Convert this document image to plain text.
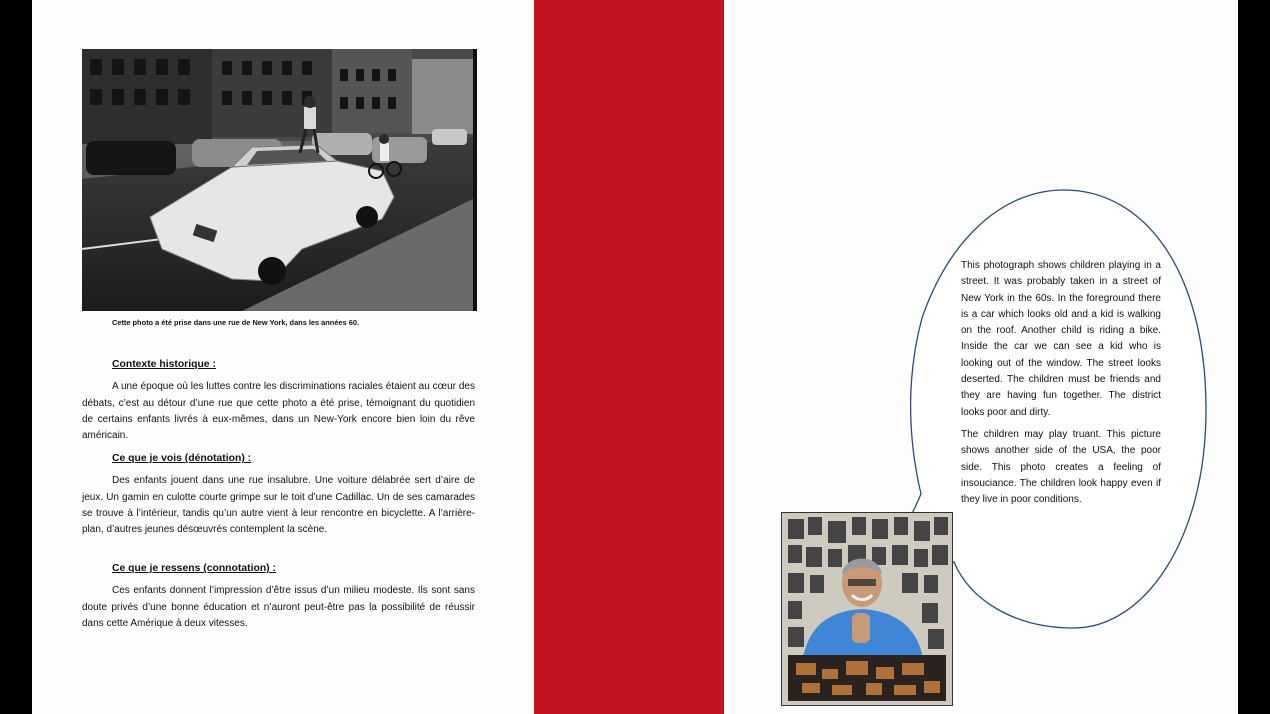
Cette photo a été prise dans une rue de New York, dans les années 60.
Contexte historique :

A une époque où les luttes contre les discriminations raciales étaient au cœur des débats, c’est au détour d’une rue que cette photo a été prise, témoignant du quotidien de certains enfants livrés à eux-mêmes, dans un New-York encore bien loin du rêve américain.

Ce que je vois (dénotation) :

Des enfants jouent dans une rue insalubre. Une voiture délabrée sert d’aire de jeux. Un gamin en culotte courte grimpe sur le toit d’une Cadillac. Un de ses camarades se trouve à l’intérieur, tandis qu’un autre vient à leur rencontre en bicyclette. A l’arrière-plan, d’autres jeunes désœuvrés contemplent la scène.

Ce que je ressens (connotation) :

Ces enfants donnent l’impression d’être issus d’un milieu modeste. Ils sont sans doute privés d’une bonne éducation et n’auront peut-être pas la possibilité de réussir dans cette Amérique à deux vitesses.

This photograph shows children playing in a street. It was probably taken in a street of New York in the 60s. In the foreground there is a car which looks old and a kid is walking on the roof. Another child is riding a bike. Inside the car we can see a kid who is looking out of the window. The street looks deserted. The children must be friends and they are having fun together. The district looks poor and dirty.

The children may play truant. This picture shows another side of the USA, the poor side. This photo creates a feeling of insouciance. The children look happy even if they live in poor conditions.
